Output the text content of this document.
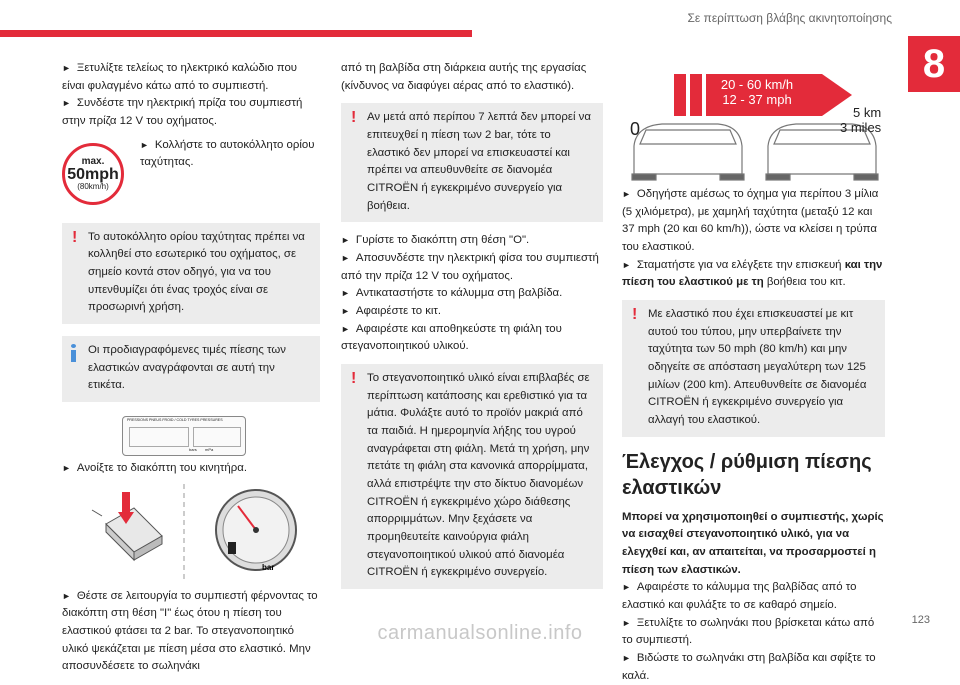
Σε περίπτωση βλάβης ακινητοποίησης
8

► Ξετυλίξτε τελείως το ηλεκτρικό καλώδιο που είναι φυλαγμένο κάτω από το συμπιεστή.

► Συνδέστε την ηλεκτρική πρίζα του συμπιεστή στην πρίζα 12 V του οχήματος.

max.
50mph
(80km/h)

► Κολλήστε το αυτοκόλλητο ορίου ταχύτητας.

! Το αυτοκόλλητο ορίου ταχύτητας πρέπει να κολληθεί στο εσωτερικό του οχήματος, σε σημείο κοντά στον οδηγό, για να του υπενθυμίζει ότι ένας τροχός είναι σε προσωρινή χρήση.
Οι προδιαγραφόμενες τιμές πίεσης των ελαστικών αναγράφονται σε αυτή την ετικέτα.
PRESSIONS PNEUS FROID / COLD TYRES PRESSURES
bars mPa

► Ανοίξτε το διακόπτη του κινητήρα.

bar

► Θέστε σε λειτουργία το συμπιεστή φέρνοντας το διακόπτη στη θέση "I" έως ότου η πίεση του ελαστικού φτάσει τα 2 bar. Το στεγανοποιητικό υλικό ψεκάζεται με πίεση μέσα στο ελαστικό. Μην αποσυνδέσετε το σωληνάκι

από τη βαλβίδα στη διάρκεια αυτής της εργασίας (κίνδυνος να διαφύγει αέρας από το ελαστικό).

! Αν μετά από περίπου 7 λεπτά δεν μπορεί να επιτευχθεί η πίεση των 2 bar, τότε το ελαστικό δεν μπορεί να επισκευαστεί και πρέπει να απευθυνθείτε σε διανομέα CITROËN ή εγκεκριμένο συνεργείο για βοήθεια.

► Γυρίστε το διακόπτη στη θέση "O".

► Αποσυνδέστε την ηλεκτρική φίσα του συμπιεστή από την πρίζα 12 V του οχήματος.

► Αντικαταστήστε το κάλυμμα στη βαλβίδα.

► Αφαιρέστε το κιτ.

► Αφαιρέστε και αποθηκεύστε τη φιάλη του στεγανοποιητικού υλικού.

! Το στεγανοποιητικό υλικό είναι επιβλαβές σε περίπτωση κατάποσης και ερεθιστικό για τα μάτια. Φυλάξτε αυτό το προϊόν μακριά από τα παιδιά. Η ημερομηνία λήξης του υγρού αναγράφεται στη φιάλη. Μετά τη χρήση, μην πετάτε τη φιάλη στα κανονικά απορρίμματα, αλλά επιστρέψτε την στο δίκτυο διανομέων CITROËN ή εγκεκριμένο χώρο διάθεσης απορριμμάτων. Μην ξεχάσετε να προμηθευτείτε καινούργια φιάλη στεγανοποιητικού υλικού από διανομέα CITROËN ή εγκεκριμένο συνεργείο.
20 - 60 km/h
12 - 37 mph
0
5 km
3 miles

► Οδηγήστε αμέσως το όχημα για περίπου 3 μίλια (5 χιλιόμετρα), με χαμηλή ταχύτητα (μεταξύ 12 και 37 mph (20 και 60 km/h)), ώστε να κλείσει η τρύπα του ελαστικού.

► Σταματήστε για να ελέγξετε την επισκευή και την πίεση του ελαστικού με τη βοήθεια του κιτ.

! Με ελαστικό που έχει επισκευαστεί με κιτ αυτού του τύπου, μην υπερβαίνετε την ταχύτητα των 50 mph (80 km/h) και μην οδηγείτε σε απόσταση μεγαλύτερη των 125 μιλίων (200 km). Απευθυνθείτε σε διανομέα CITROËN ή εγκεκριμένο συνεργείο για αλλαγή του ελαστικού.
Έλεγχος / ρύθμιση πίεσης ελαστικών

Μπορεί να χρησιμοποιηθεί ο συμπιεστής, χωρίς να εισαχθεί στεγανοποιητικό υλικό, για να ελεγχθεί και, αν απαιτείται, να προσαρμοστεί η πίεση των ελαστικών.

► Αφαιρέστε το κάλυμμα της βαλβίδας από το ελαστικό και φυλάξτε το σε καθαρό σημείο.

► Ξετυλίξτε το σωληνάκι που βρίσκεται κάτω από το συμπιεστή.

► Βιδώστε το σωληνάκι στη βαλβίδα και σφίξτε το καλά.

123
carmanualsonline.info
